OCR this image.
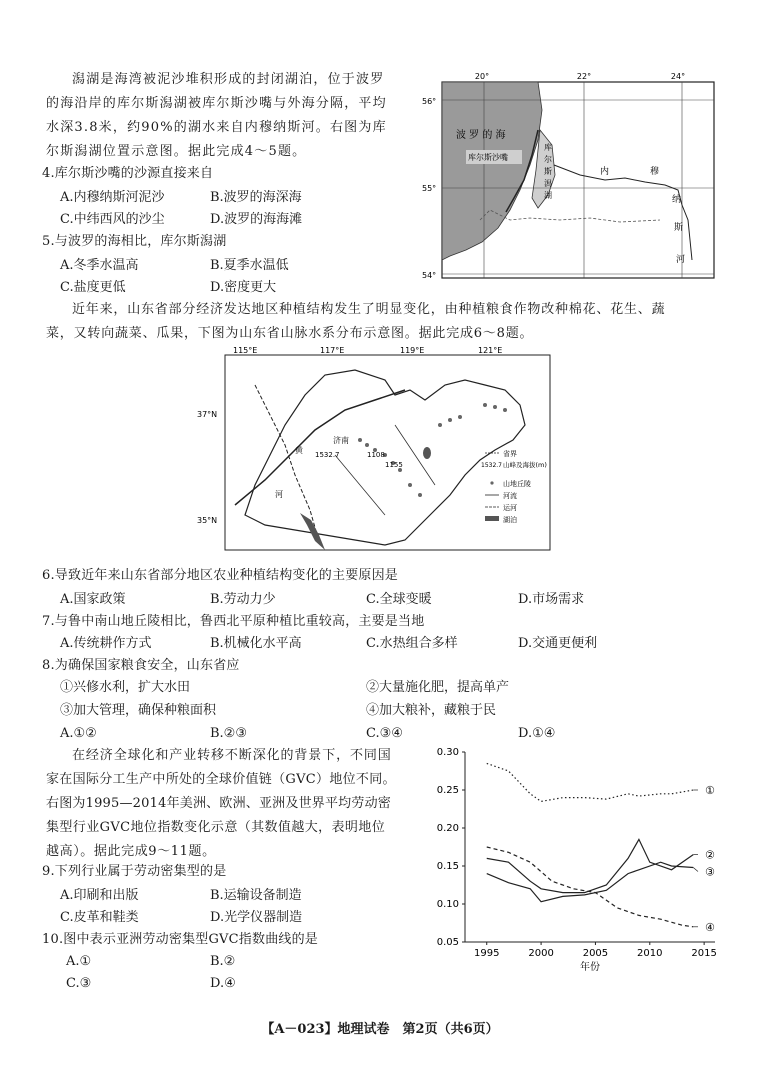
潟湖是海湾被泥沙堆积形成的封闭湖泊，位于波罗
的海沿岸的库尔斯潟湖被库尔斯沙嘴与外海分隔，平均
水深3.8米，约90%的湖水来自内穆纳斯河。右图为库
尔斯潟湖位置示意图。据此完成4～5题。
4.库尔斯沙嘴的沙源直接来自
A.内穆纳斯河泥沙	B.波罗的海深海
C.中纬西风的沙尘	D.波罗的海海滩
5.与波罗的海相比，库尔斯潟湖
A.冬季水温高	B.夏季水温低
C.盐度更低	D.密度更大
20°	22°	24°
56°
55°
54°
波 罗 的 海
库尔斯沙嘴
库
尔
斯
潟
湖
内	穆
纳
斯
河
近年来，山东省部分经济发达地区种植结构发生了明显变化，由种植粮食作物改种棉花、花生、蔬
菜，又转向蔬菜、瓜果，下图为山东省山脉水系分布示意图。据此完成6～8题。
115°E	117°E	119°E	121°E
37°N
35°N
济南
1532.7	1108
1155
黄
河
省界
1532.7 山峰及海拔(m)
山地丘陵
河流
运河
湖泊
6.导致近年来山东省部分地区农业种植结构变化的主要原因是
A.国家政策	B.劳动力少	C.全球变暖	D.市场需求
7.与鲁中南山地丘陵相比，鲁西北平原种植比重较高，主要是当地
A.传统耕作方式	B.机械化水平高	C.水热组合多样	D.交通更便利
8.为确保国家粮食安全，山东省应
①兴修水利，扩大水田	②大量施化肥，提高单产
③加大管理，确保种粮面积	④加大粮补，藏粮于民
A.①②	B.②③	C.③④	D.①④
在经济全球化和产业转移不断深化的背景下，不同国
家在国际分工生产中所处的全球价值链（GVC）地位不同。
右图为1995—2014年美洲、欧洲、亚洲及世界平均劳动密
集型行业GVC地位指数变化示意（其数值越大，表明地位
越高）。据此完成9～11题。
9.下列行业属于劳动密集型的是
A.印刷和出版	B.运输设备制造
C.皮革和鞋类	D.光学仪器制造
10.图中表示亚洲劳动密集型GVC指数曲线的是
A.①	B.②
C.③	D.④
0.30
0.25
0.20
0.15
0.10
0.05
1995	2000	2005	2010	2015
①
②
③
④
年份
【A－023】地理试卷　第2页（共6页）
